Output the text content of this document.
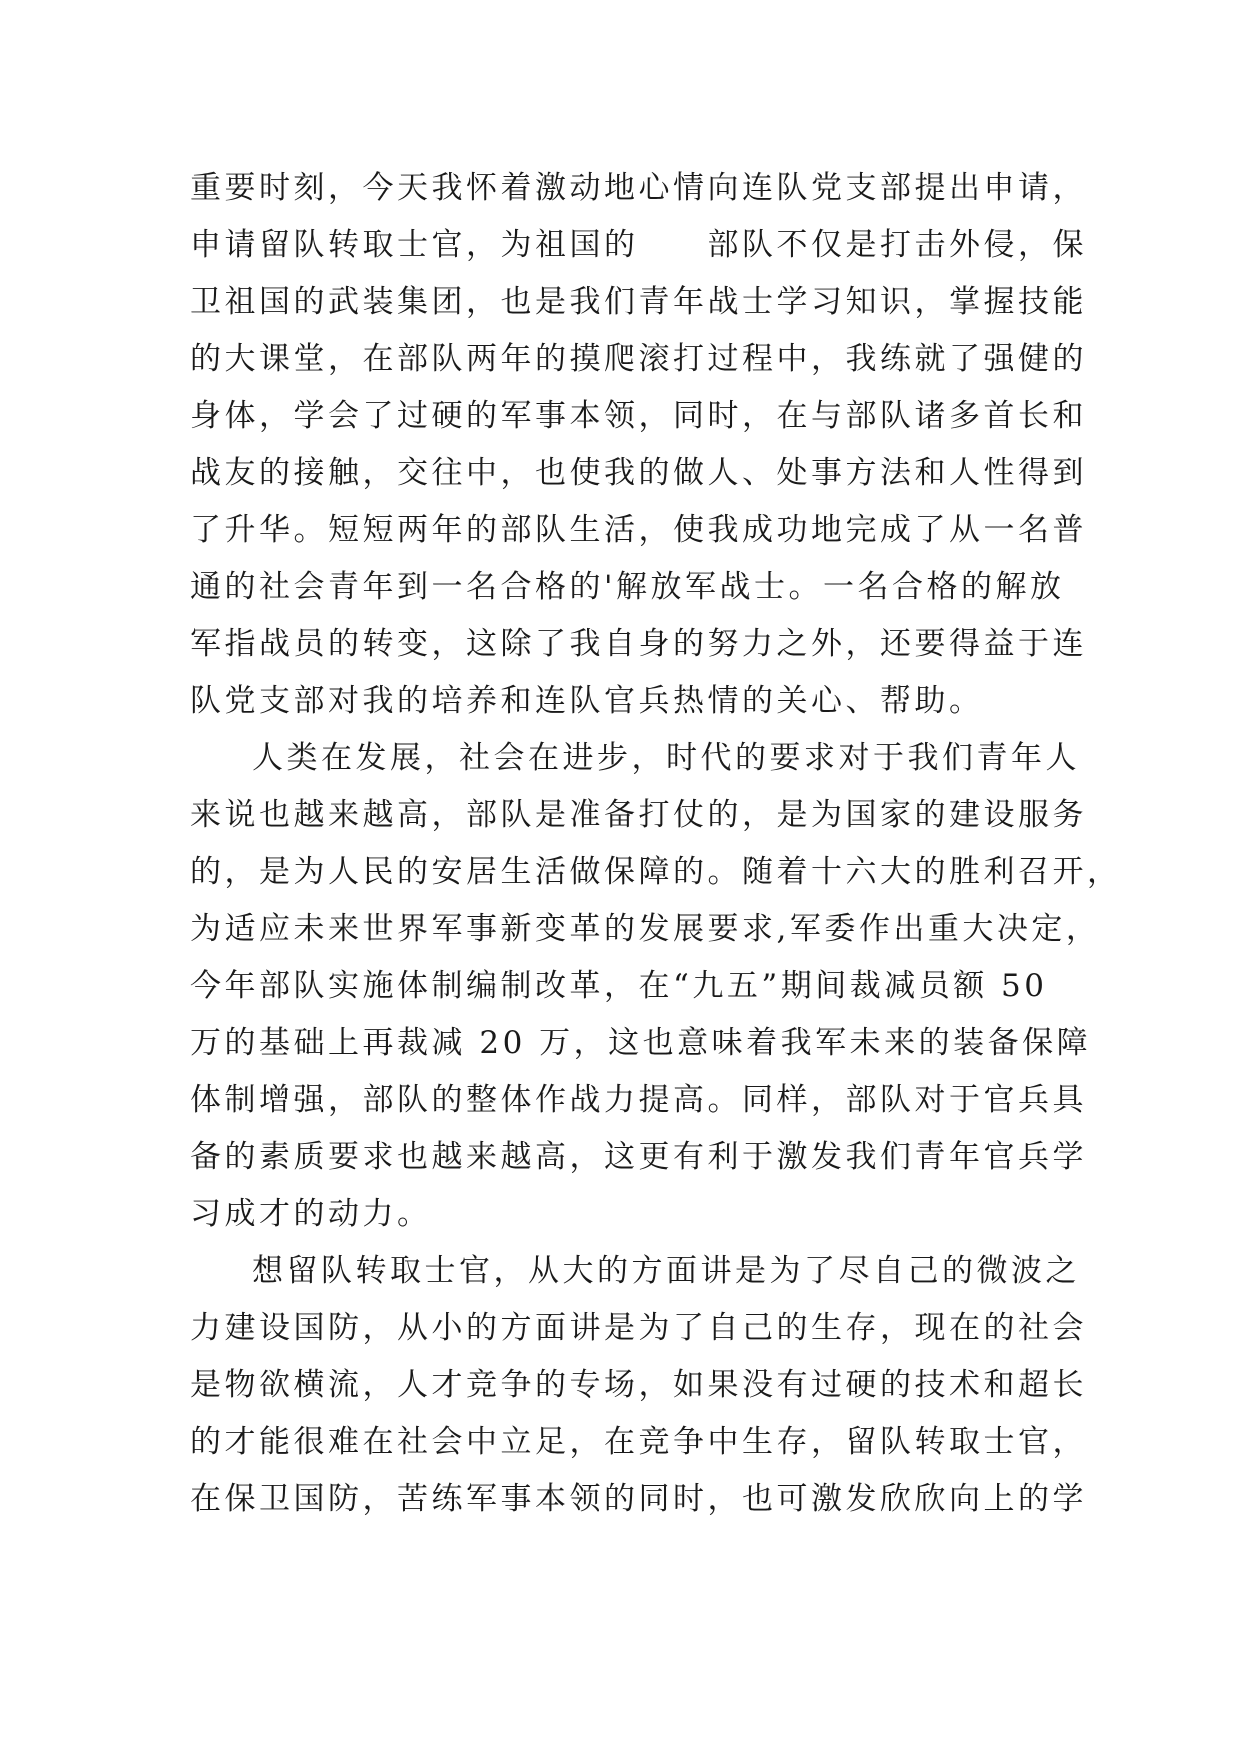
重要时刻，今天我怀着激动地心情向连队党支部提出申请，
申请留队转取士官，为祖国的　　部队不仅是打击外侵，保
卫祖国的武装集团，也是我们青年战士学习知识，掌握技能
的大课堂，在部队两年的摸爬滚打过程中，我练就了强健的
身体，学会了过硬的军事本领，同时，在与部队诸多首长和
战友的接触，交往中，也使我的做人、处事方法和人性得到
了升华。短短两年的部队生活，使我成功地完成了从一名普
通的社会青年到一名合格的'解放军战士。一名合格的解放
军指战员的转变，这除了我自身的努力之外，还要得益于连
队党支部对我的培养和连队官兵热情的关心、帮助。
人类在发展，社会在进步，时代的要求对于我们青年人
来说也越来越高，部队是准备打仗的，是为国家的建设服务
的，是为人民的安居生活做保障的。随着十六大的胜利召开，
为适应未来世界军事新变革的发展要求,军委作出重大决定，
今年部队实施体制编制改革，在“九五”期间裁减员额 50
万的基础上再裁减 20 万，这也意味着我军未来的装备保障
体制增强，部队的整体作战力提高。同样，部队对于官兵具
备的素质要求也越来越高，这更有利于激发我们青年官兵学
习成才的动力。
想留队转取士官，从大的方面讲是为了尽自己的微波之
力建设国防，从小的方面讲是为了自己的生存，现在的社会
是物欲横流，人才竞争的专场，如果没有过硬的技术和超长
的才能很难在社会中立足，在竞争中生存，留队转取士官，
在保卫国防，苦练军事本领的同时，也可激发欣欣向上的学
